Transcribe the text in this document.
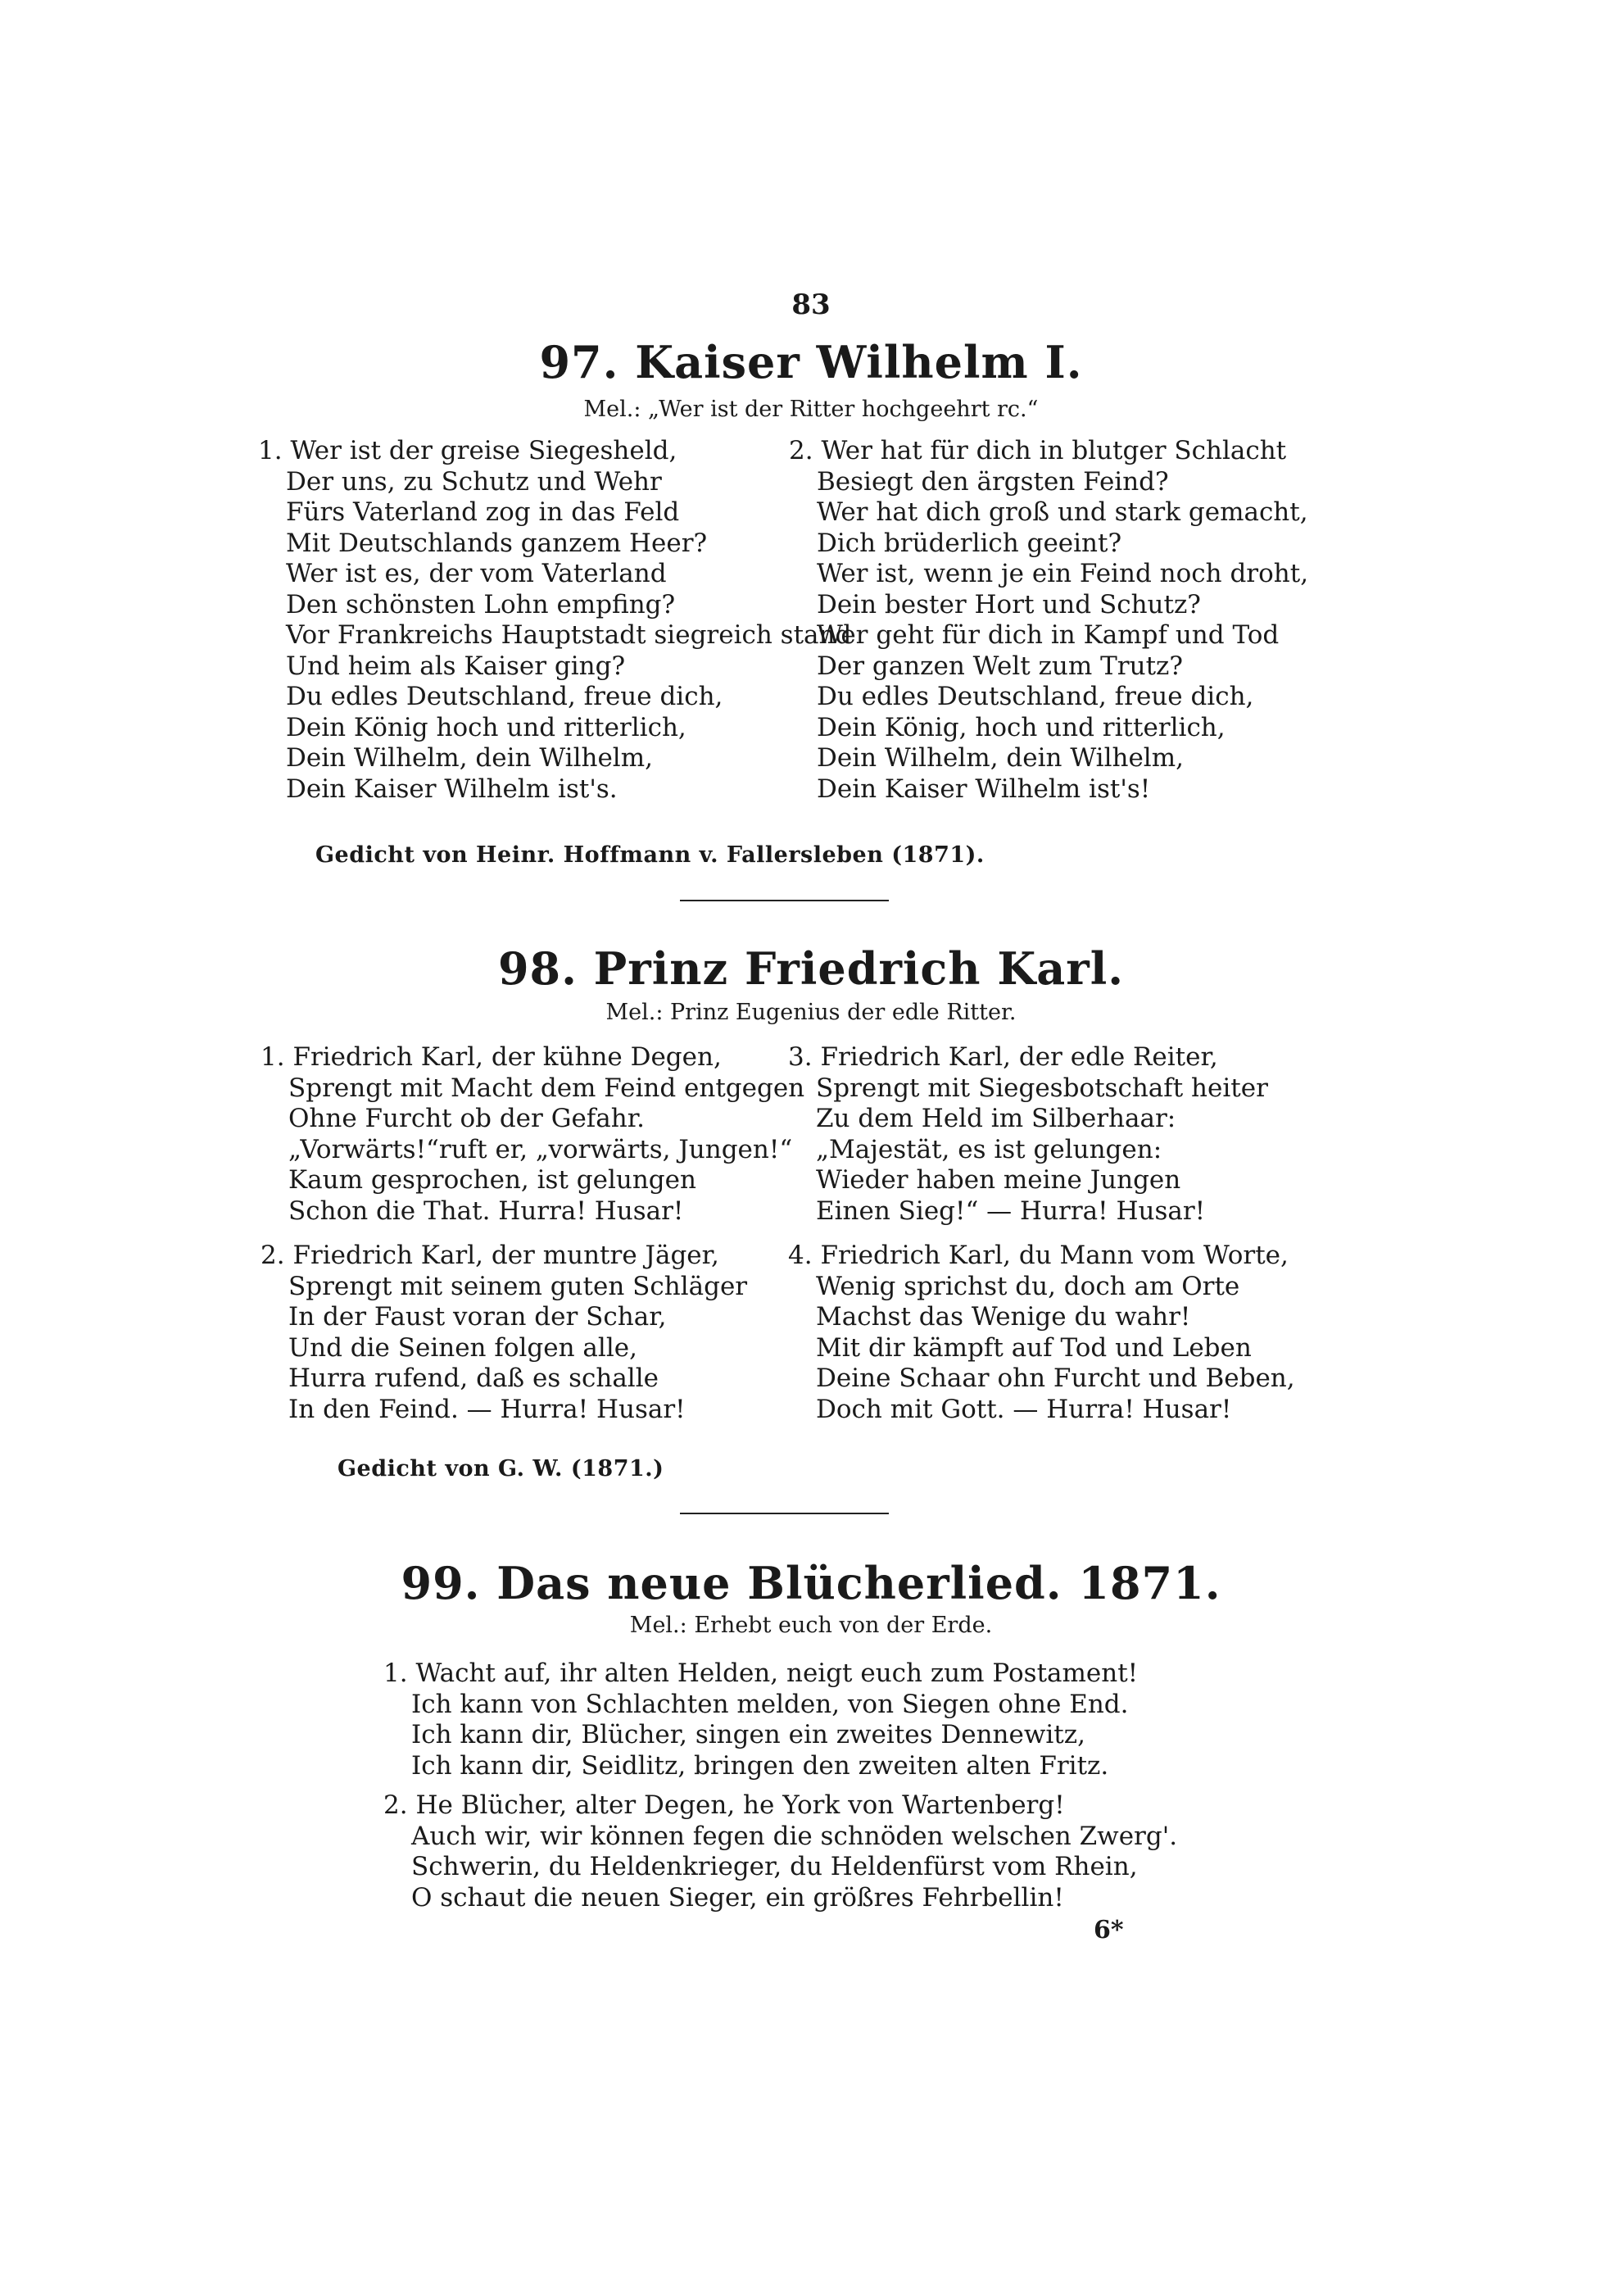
83
97. Kaiser Wilhelm I.
Mel.: „Wer ist der Ritter hochgeehrt rc.“
1. Wer ist der greise Siegesheld,
Der uns, zu Schutz und Wehr
Fürs Vaterland zog in das Feld
Mit Deutschlands ganzem Heer?
Wer ist es, der vom Vaterland
Den schönsten Lohn empfing?
Vor Frankreichs Hauptstadt siegreich stand
Und heim als Kaiser ging?
Du edles Deutschland, freue dich,
Dein König hoch und ritterlich,
Dein Wilhelm, dein Wilhelm,
Dein Kaiser Wilhelm ist's.
2. Wer hat für dich in blutger Schlacht
Besiegt den ärgsten Feind?
Wer hat dich groß und stark gemacht,
Dich brüderlich geeint?
Wer ist, wenn je ein Feind noch droht,
Dein bester Hort und Schutz?
Wer geht für dich in Kampf und Tod
Der ganzen Welt zum Trutz?
Du edles Deutschland, freue dich,
Dein König, hoch und ritterlich,
Dein Wilhelm, dein Wilhelm,
Dein Kaiser Wilhelm ist's!
Gedicht von Heinr. Hoffmann v. Fallersleben (1871).
98. Prinz Friedrich Karl.
Mel.: Prinz Eugenius der edle Ritter.
1. Friedrich Karl, der kühne Degen,
Sprengt mit Macht dem Feind entgegen
Ohne Furcht ob der Gefahr.
„Vorwärts!“ruft er, „vorwärts, Jungen!“
Kaum gesprochen, ist gelungen
Schon die That. Hurra! Husar!
2. Friedrich Karl, der muntre Jäger,
Sprengt mit seinem guten Schläger
In der Faust voran der Schar,
Und die Seinen folgen alle,
Hurra rufend, daß es schalle
In den Feind. — Hurra! Husar!
3. Friedrich Karl, der edle Reiter,
Sprengt mit Siegesbotschaft heiter
Zu dem Held im Silberhaar:
„Majestät, es ist gelungen:
Wieder haben meine Jungen
Einen Sieg!“ — Hurra! Husar!
4. Friedrich Karl, du Mann vom Worte,
Wenig sprichst du, doch am Orte
Machst das Wenige du wahr!
Mit dir kämpft auf Tod und Leben
Deine Schaar ohn Furcht und Beben,
Doch mit Gott. — Hurra! Husar!
Gedicht von G. W. (1871.)
99. Das neue Blücherlied. 1871.
Mel.: Erhebt euch von der Erde.
1. Wacht auf, ihr alten Helden, neigt euch zum Postament!
Ich kann von Schlachten melden, von Siegen ohne End.
Ich kann dir, Blücher, singen ein zweites Dennewitz,
Ich kann dir, Seidlitz, bringen den zweiten alten Fritz.
2. He Blücher, alter Degen, he York von Wartenberg!
Auch wir, wir können fegen die schnöden welschen Zwerg'.
Schwerin, du Heldenkrieger, du Heldenfürst vom Rhein,
O schaut die neuen Sieger, ein größres Fehrbellin!
6*
